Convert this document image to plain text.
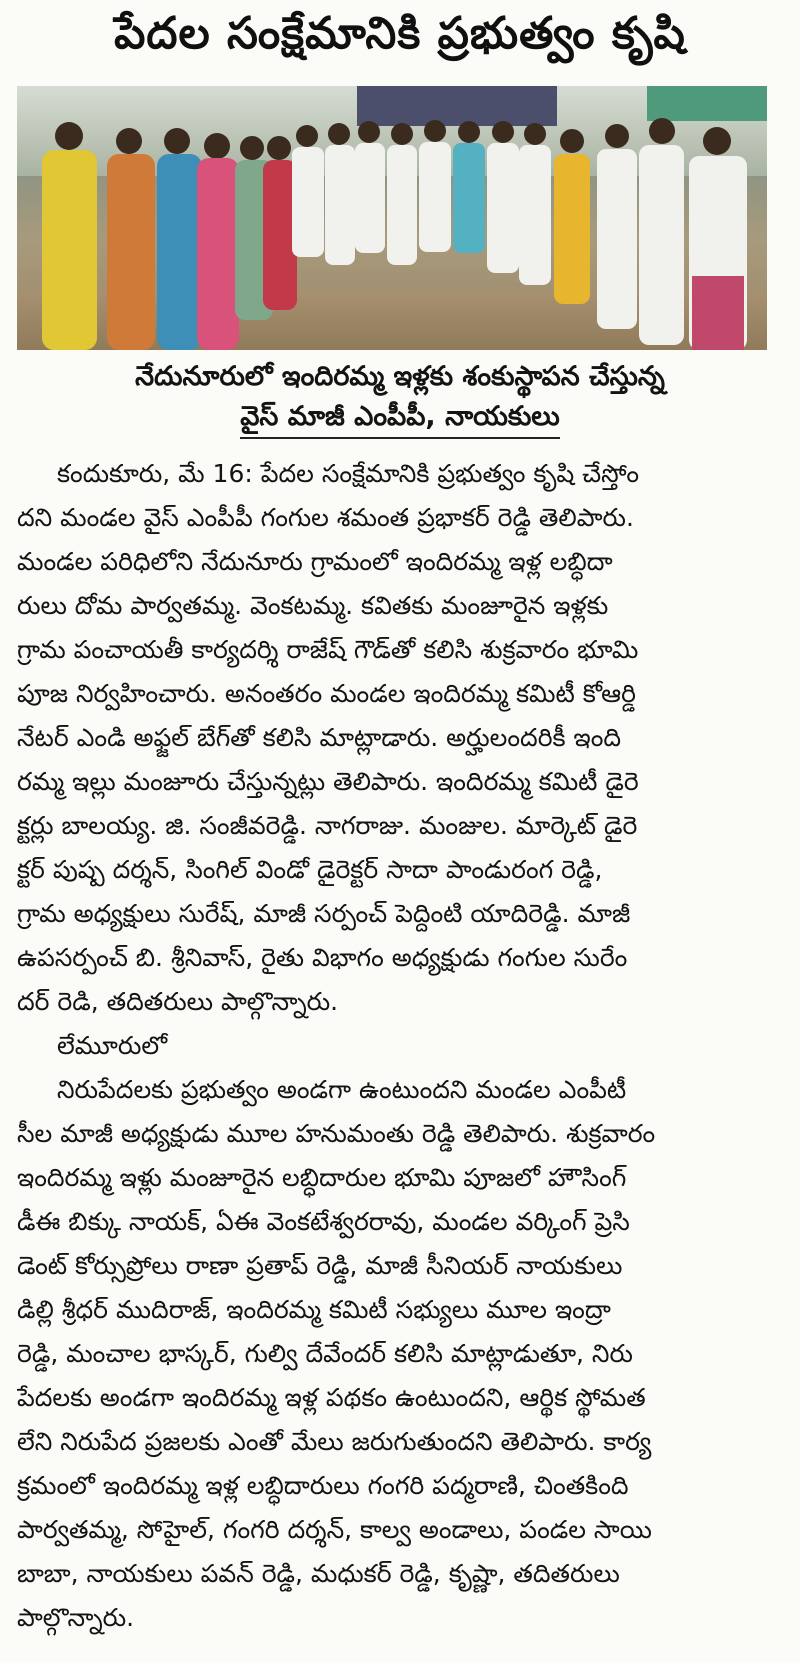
పేదల సంక్షేమానికి ప్రభుత్వం కృషి
నేదునూరులో ఇందిరమ్మ ఇళ్లకు శంకుస్థాపన చేస్తున్న
వైస్ మాజీ ఎంపీపీ, నాయకులు
కందుకూరు, మే 16: పేదల సంక్షేమానికి ప్రభుత్వం కృషి చేస్తోం
దని మండల వైస్ ఎంపీపీ గంగుల శమంత ప్రభాకర్ రెడ్డి తెలిపారు.
మండల పరిధిలోని నేదునూరు గ్రామంలో ఇందిరమ్మ ఇళ్ల లబ్ధిదా
రులు దోమ పార్వతమ్మ. వెంకటమ్మ. కవితకు మంజూరైన ఇళ్లకు
గ్రామ పంచాయతీ కార్యదర్శి రాజేష్ గౌడ్‌తో కలిసి శుక్రవారం భూమి
పూజ నిర్వహించారు. అనంతరం మండల ఇందిరమ్మ కమిటీ కోఆర్డి
నేటర్ ఎండి అఫ్జల్ బేగ్‌తో కలిసి మాట్లాడారు. అర్హులందరికీ ఇంది
రమ్మ ఇల్లు మంజూరు చేస్తున్నట్లు తెలిపారు. ఇందిరమ్మ కమిటీ డైరె
క్టర్లు బాలయ్య. జి. సంజీవరెడ్డి. నాగరాజు. మంజుల. మార్కెట్ డైరె
క్టర్ పుష్ప దర్శన్, సింగిల్ విండో డైరెక్టర్ సాదా పాండురంగ రెడ్డి,
గ్రామ అధ్యక్షులు సురేష్, మాజీ సర్పంచ్ పెద్దింటి యాదిరెడ్డి. మాజీ
ఉపసర్పంచ్ బి. శ్రీనివాస్, రైతు విభాగం అధ్యక్షుడు గంగుల సురేం
దర్ రెడి, తదితరులు పాల్గొన్నారు.
లేమూరులో
నిరుపేదలకు ప్రభుత్వం అండగా ఉంటుందని మండల ఎంపీటీ
సీల మాజీ అధ్యక్షుడు మూల హనుమంతు రెడ్డి తెలిపారు. శుక్రవారం
ఇందిరమ్మ ఇళ్లు మంజూరైన లబ్ధిదారుల భూమి పూజలో హౌసింగ్
డీఈ బిక్కు నాయక్, ఏఈ వెంకటేశ్వరరావు, మండల వర్కింగ్ ప్రెసి
డెంట్ కోర్సుప్రోలు రాణా ప్రతాప్ రెడ్డి, మాజీ సీనియర్ నాయకులు
డిల్లి శ్రీధర్ ముదిరాజ్, ఇందిరమ్మ కమిటీ సభ్యులు మూల ఇంద్రా
రెడ్డి, మంచాల భాస్కర్, గుల్వి దేవేందర్ కలిసి మాట్లాడుతూ, నిరు
పేదలకు అండగా ఇందిరమ్మ ఇళ్ల పథకం ఉంటుందని, ఆర్థిక స్థోమత
లేని నిరుపేద ప్రజలకు ఎంతో మేలు జరుగుతుందని తెలిపారు. కార్య
క్రమంలో ఇందిరమ్మ ఇళ్ల లబ్ధిదారులు గంగరి పద్మరాణి, చింతకింది
పార్వతమ్మ, సోహైల్, గంగరి దర్శన్, కాల్వ అండాలు, పండల సాయి
బాబా, నాయకులు పవన్ రెడ్డి, మధుకర్ రెడ్డి, కృష్ణా, తదితరులు
పాల్గొన్నారు.
